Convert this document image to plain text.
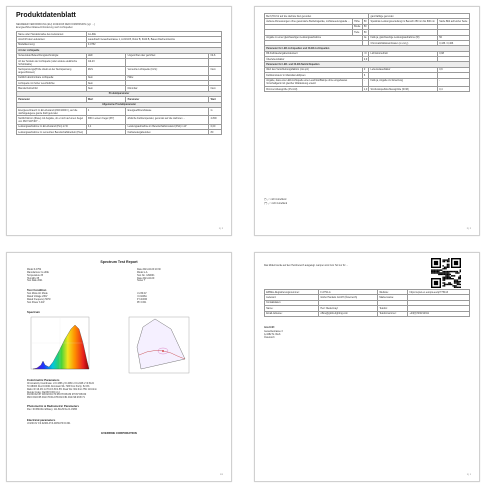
Produktdatenblatt
NEUMEIER VERORDNUNG (EU) 2019/2015 DER KOMMISSION (vgl. …)
Energieeffizienzklasse/Anforderung nach Lichtquellen
Name oder Handelsmarke des Lieferanten:	G-LINE		
Anschrift des Lieferanten:	Lauterbach Gewerbestrasse 1, A-6134 B, Rotor B, 6444 B, Bauen Dachen/Austria		
Modellkennung:	F-0752		
Art der Lichtquelle			
Verwendete Beleuchtungstechnologie:	LED	Ungerichtet oder gerichtet:	NLS
Art der Sockels der Lichtquelle (oder andere elektrische Schnittstelle)	G9-23		
Netzspannungs(Prüfe direkt an der Netzspannung angeschlossen)	MLS	Vernetzte Lichtquelle (CLS):	Nein
Farblich abstimmbare Lichtquelle:	Nein	Hülle:	
Lichtquelle mit hoher Leuchtdichte:	Nein		
Blendschutzschild:	Nein	Dimmbar:	Nein
Produktparameter			
Parameter	Wert	Parameter	Wert
Allgemeine Produktparameter			
Energieverbrauch im Ein-Zustand (kWh/1000 h), auf die nächstgelegene ganze Zahl gerundet	4	Energieeffizienzklasse	G
Nutzlichtstrom (Φuse) mit Angabe, ob er sich auf einen Kegel von 360°/120°/90° ...	380 in einem Kegel (36°)	ähnliche Farbtemperatur, gerundet auf die nächsten ...	2.800
Leistungsaufnahme im Ein-Zustand (Pon) in W	3,4	Leistungsaufnahme im Bereitschaftszustand (Psb) in W	0,00
Leistungsaufnahme im vernetzten Bereitschaftsbetrieb (Pnet)		Farbwiedergabeindex	80
1 | 2
Bei 6,5% für auf die nächste Dez gerundet			ganzzahlige gerundet	
Äußere Abmessungen ohne gesonderte Betriebsgeräte, Lichtsteuerungsteile ...	Höhe	50	Spektrale Leistungsverteilung im Bereich 250 nm bis 800 nm	Siehe Bild auf letzter Seite
	Breite	50		
	Tiefe	50		
Angabe zu einer gleichwertigen Leistungsaufnahme		Ja	Falls ja, gleichwertige Leistungsaufnahme (W)	50
			Chromatizitätskoordinaten (x und y)	0,436 / 0,406
Parameter für LED-Lichtquellen und OLED-Lichtquellen				
R9-Farbwiedergabeindexwert		<0	Lichtstromerhalt	0,98
Überlebensfaktor		0,9		
Parameter für LED- und OLED-Netzlichtquellen				
Wert des Verschiebungsfaktors (cos φ1)		0	Lebensdauerfaktor	0,9
Farbkonsistenz in MacAdam-Ellipsen		6		
Angabe, dass eine LED-Lichtquelle eine Leuchtstofflampe ohne eingebautes Vorschaltgerät mit gleicher Wattleistung ersetzt		-	Falls ja, Angabe zur Ersetzung	-
Flimmer-Messgröße (Pst LM)		1,0	Stroboskopeffekt-Messgröße (SVM)	0,4
(*) „-“: nicht zutreffend
(**) „-“: nicht zutreffend
2 | 2
Spectrum Test Report
Model F-0752
Manufacturer G-LINE
Temperature 25
Humidity 65
Test Date 2021
Date 2021-02-09 10:30
Model L-A
Test No. GS0001
Date 2021-02-09
Tester T
Test Condition
Test Mode AC Mode
Rated Voltage 230V
Rated Frequency 50Hz
Test Power 3.4W
U 230.0V
I 0.0246A
P 3.400W
PF 0.601
Spectrum
Colorimetric Parameters
Chromaticity Coordinate: x=0.4366 y=0.4060 u'=0.2448 v'=0.5122
Tc=2800K Duv=0.0001 Dominant WL: 583.5nm Purity: 52.0%
Ratio: R=16.4% G=79.1% B=4.5% Peak WL: 602.0nm HW: 119.0nm
Render Index: Ra=80.5 R9=-0.4
R1=80 R2=87 R3=92 R4=79 R5=78 R6=80 R7=87 R8=60
R9=0 R10=65 R11=76 R12=55 R13=81 R14=96 R15=71
Photometric & Radiometric Parameters
Flux: Φ=380.0lm Efficacy: 111.8lm/W Fe=1.158W
Electrical parameters
U=230.0V I=0.0246A P=3.400W PF=0.601
EVERFINE CORPORATION
1/1
Das Modell wurde auf den Heimbereich ausgelegt. Lampen sind zum Teil nur für ...
EPREL-Registrierungsnummer:	F-0752-G	Website:	https://eprel.ec.europa.eu/qr/775413
Lieferant:	Globo Handels GmbH (Österreich)	Markenname:	
Kontaktdaten:			
Name:	Herr Niedermayr	Telefon:	
Email-Adresse:	office@globo-lighting.com	Telefonnummer:	+43(0)7230/12311
Anschrift:
Gewerbestrasse 3
A-4282 St. Rieß
Österreich
1 | 1
